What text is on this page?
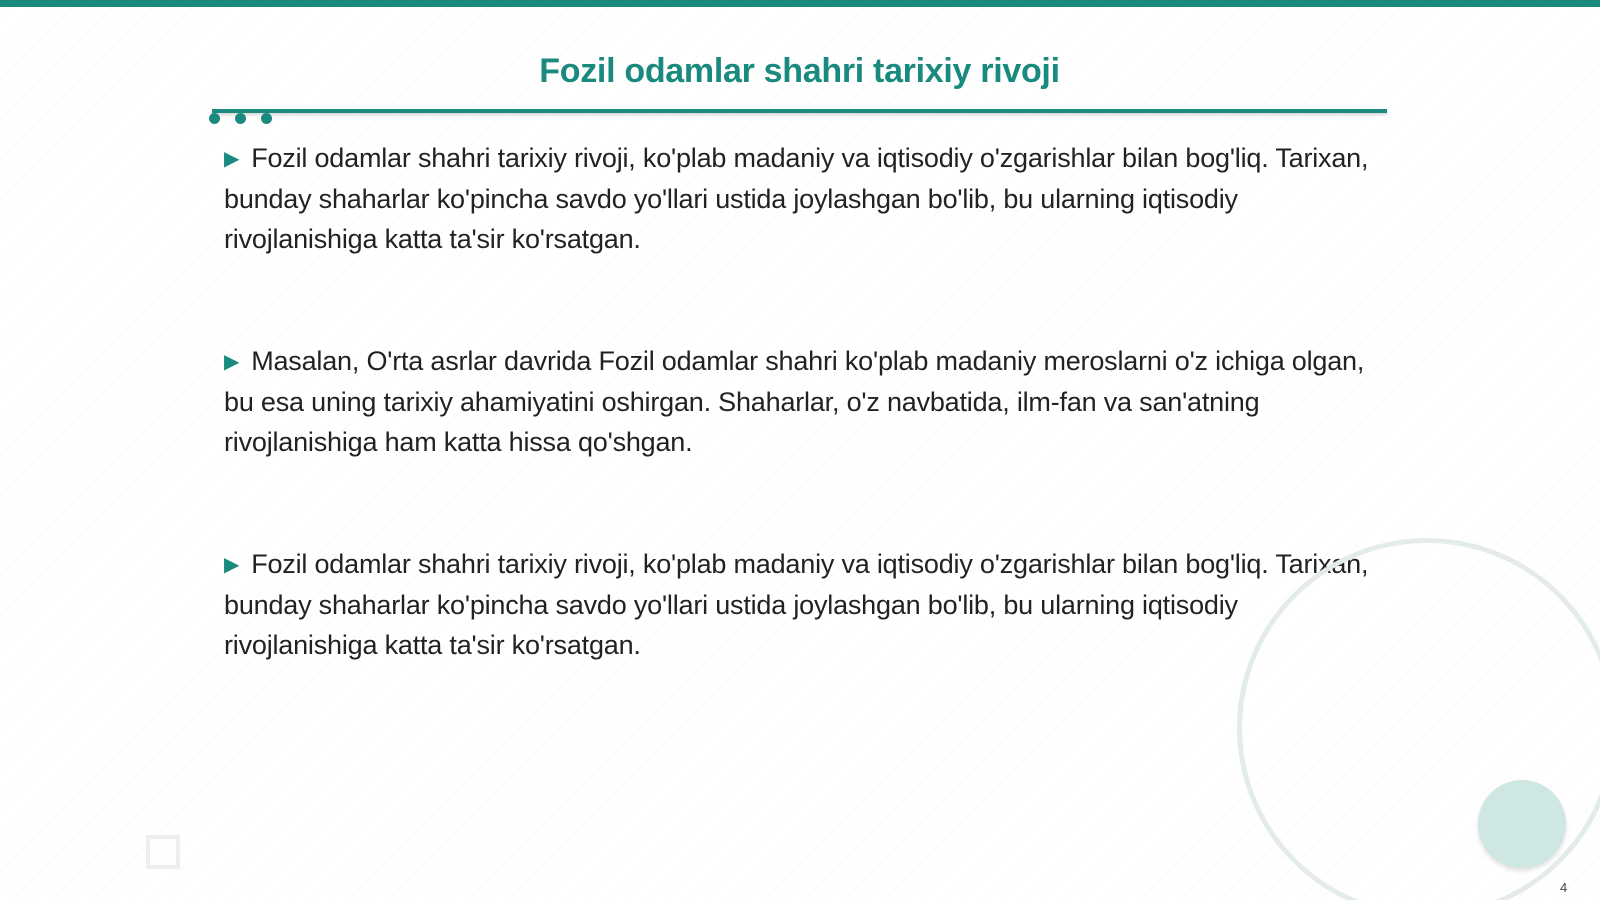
Fozil odamlar shahri tarixiy rivoji

▶ Fozil odamlar shahri tarixiy rivoji, ko'plab madaniy va iqtisodiy o'zgarishlar bilan bog'liq. Tarixan, bunday shaharlar ko'pincha savdo yo'llari ustida joylashgan bo'lib, bu ularning iqtisodiy rivojlanishiga katta ta'sir ko'rsatgan.

▶ Masalan, O'rta asrlar davrida Fozil odamlar shahri ko'plab madaniy meroslarni o'z ichiga olgan, bu esa uning tarixiy ahamiyatini oshirgan. Shaharlar, o'z navbatida, ilm-fan va san'atning rivojlanishiga ham katta hissa qo'shgan.

▶ Fozil odamlar shahri tarixiy rivoji, ko'plab madaniy va iqtisodiy o'zgarishlar bilan bog'liq. Tarixan, bunday shaharlar ko'pincha savdo yo'llari ustida joylashgan bo'lib, bu ularning iqtisodiy rivojlanishiga katta ta'sir ko'rsatgan.

4
